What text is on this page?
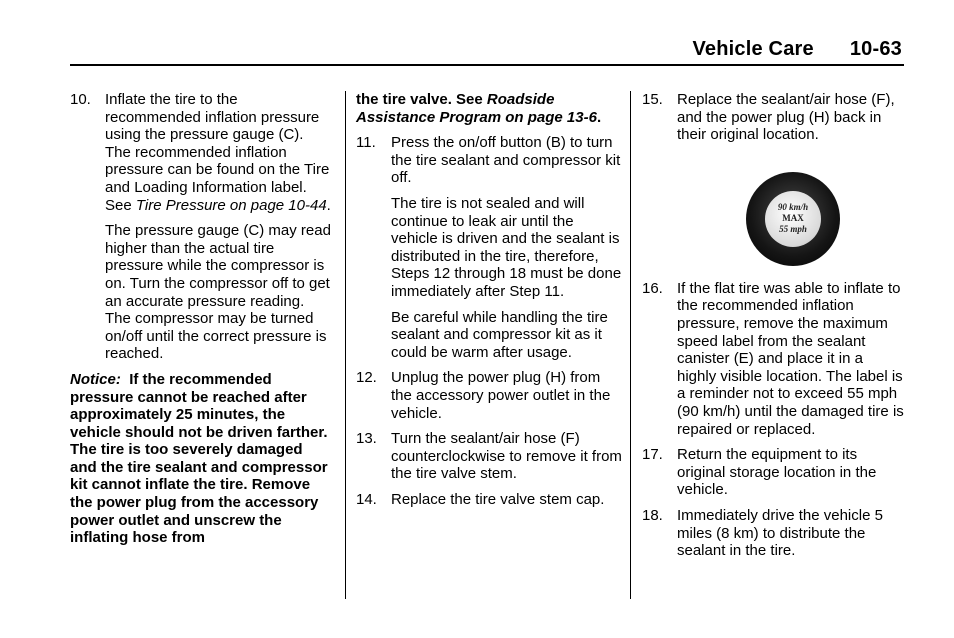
Vehicle Care 10-63
10. Inflate the tire to the recommended inflation pressure using the pressure gauge (C). The recommended inflation pressure can be found on the Tire and Loading Information label. See Tire Pressure on page 10-44.

The pressure gauge (C) may read higher than the actual tire pressure while the compressor is on. Turn the compressor off to get an accurate pressure reading. The compressor may be turned on/off until the correct pressure is reached.

Notice: If the recommended pressure cannot be reached after approximately 25 minutes, the vehicle should not be driven farther. The tire is too severely damaged and the tire sealant and compressor kit cannot inflate the tire. Remove the power plug from the accessory power outlet and unscrew the inflating hose from

the tire valve. See Roadside Assistance Program on page 13-6.

11. Press the on/off button (B) to turn the tire sealant and compressor kit off.

The tire is not sealed and will continue to leak air until the vehicle is driven and the sealant is distributed in the tire, therefore, Steps 12 through 18 must be done immediately after Step 11.

Be careful while handling the tire sealant and compressor kit as it could be warm after usage.

12. Unplug the power plug (H) from the accessory power outlet in the vehicle.

13. Turn the sealant/air hose (F) counterclockwise to remove it from the tire valve stem.

14. Replace the tire valve stem cap.

15. Replace the sealant/air hose (F), and the power plug (H) back in their original location.

90 km/h
MAX
55 mph
16. If the flat tire was able to inflate to the recommended inflation pressure, remove the maximum speed label from the sealant canister (E) and place it in a highly visible location. The label is a reminder not to exceed 55 mph (90 km/h) until the damaged tire is repaired or replaced.

17. Return the equipment to its original storage location in the vehicle.

18. Immediately drive the vehicle 5 miles (8 km) to distribute the sealant in the tire.
